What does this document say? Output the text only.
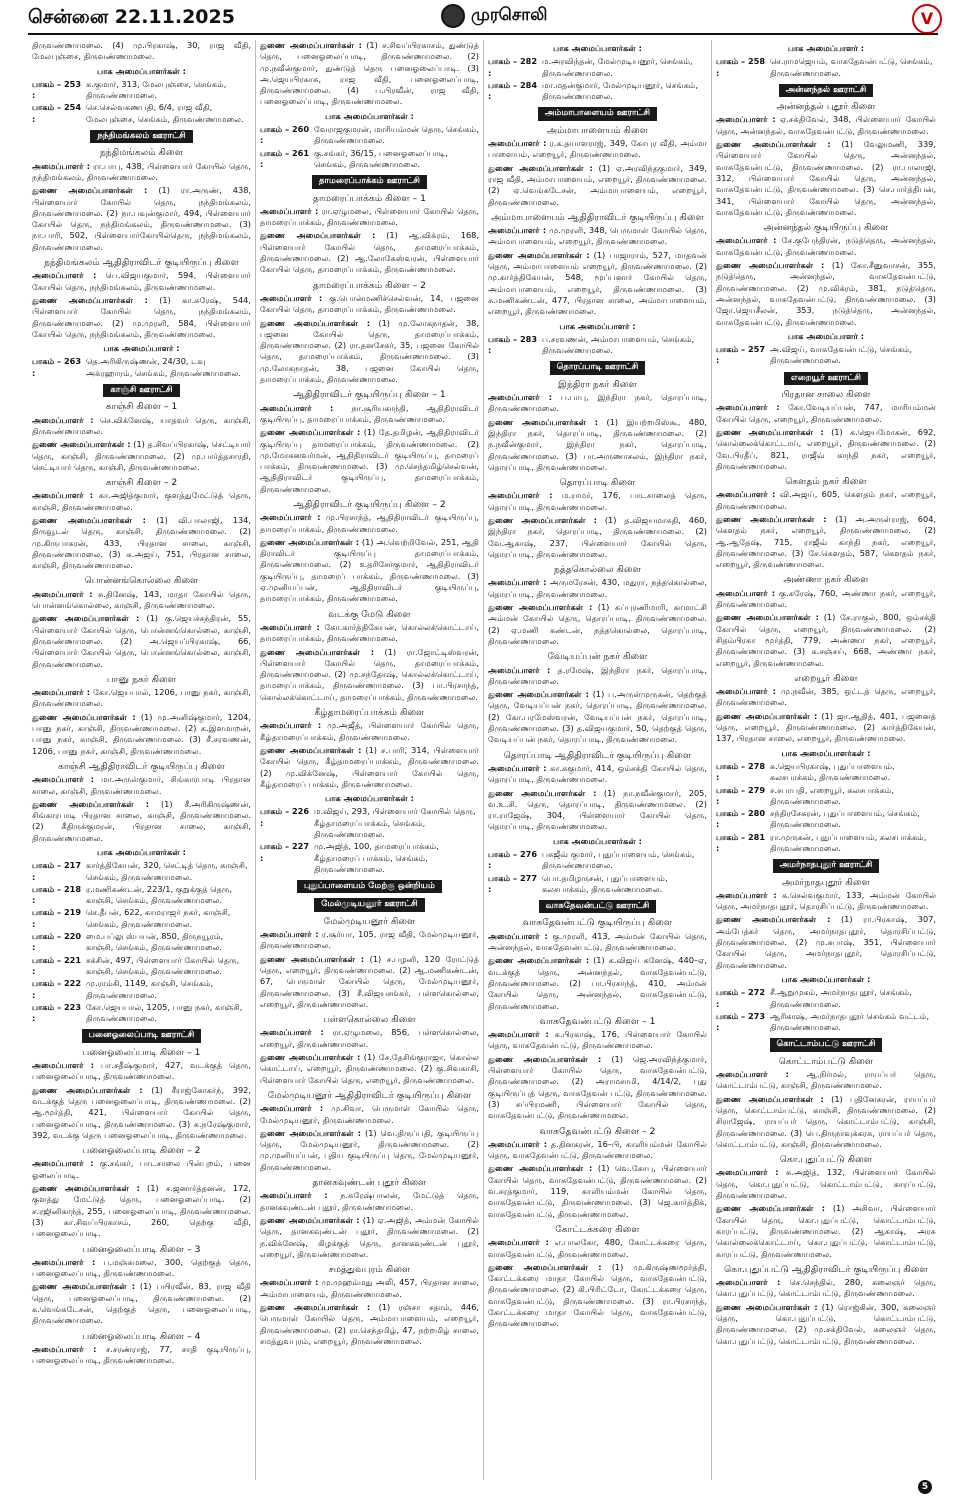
சென்னை 22.11.2025	முரசொலி	V

திருவண்ணாமலை. (4) மு.பிரகாஷ், 30, ராஜ வீதி, மேலபுஞ்சை, திருவண்ணாமலை.

பாக அமைப்பாளர்கள் :
பாகம் – 253 :
க.குமார், 313, மேலபுஞ்சை, செங்கம், திருவண்ணாமலை.
பாகம் – 254 :
செ.செல்வகணபதி, 6/4, ராஜ வீதி, மேலபுஞ்சை, செங்கம், திருவண்ணாமலை.
நந்திமங்கலம் ஊராட்சி
நந்திமங்கலம் கிளை

அமைப்பாளர் : ரா.பாபு, 438, பிள்ளையார் கோயில் தெரு, நந்திமங்கலம், திருவண்ணாமலை.

துணை அமைப்பாளர்கள் : (1) ரா.அருண், 438, பிள்ளையார் கோயில் தெரு, நந்திமங்கலம், திருவண்ணாமலை. (2) நா.பவுன்குமார், 494, பிள்ளையார் கோயில் தெரு, நந்திமங்கலம், திருவண்ணாமலை. (3) நா.பாரி, 502, பிள்ளையார்கோயில்தெரு, நந்திமங்கலம், திருவண்ணாமலை.

நந்திமங்கலம் ஆதிதிராவிடர் குடியிருப்பு கிளை

அமைப்பாளர் : பெ.விஜயகுமார், 594, பிள்ளையார் கோயில் தெரு, நந்திமங்கலம், திருவண்ணாமலை.

துணை அமைப்பாளர்கள் : (1) கா.சுரேஷ், 544, பிள்ளையார் கோயில் தெரு, நந்திமங்கலம், திருவண்ணாமலை. (2) மு.முரளி, 584, பிள்ளையார் கோயில் தெரு, நந்திமங்கலம், திருவண்ணாமலை.

பாக அமைப்பாளர் :
பாகம் – 263 :
தெ.அரிகிருஷ்ணன், 24/30, டவு அக்ரஹாரம், செங்கம், திருவண்ணாமலை.
காஞ்சி ஊராட்சி
காஞ்சி கிளை – 1

அமைப்பாளர் : செ.விக்னேஷ், யாதவர் தெரு, காஞ்சி, திருவண்ணாமலை.

துணை அமைப்பாளர்கள் : (1) த.சிவப்பிரகாஷ், செட்டியார் தெரு, காஞ்சி, திருவண்ணாமலை. (2) மு.பார்த்தசாரதி, செட்டியார் தெரு, காஞ்சி, திருவண்ணாமலை.

காஞ்சி கிளை – 2

அமைப்பாளர் : கா.அஜித்குமார், குளத்துமேட்டுத் தெரு, காஞ்சி, திருவண்ணாமலை.

துணை அமைப்பாளர்கள் : (1) வி.பாலாஜி, 134, திருவூடல் தெரு, காஞ்சி, திருவண்ணாமலை. (2) மு.கிருபாகரன், 433, பிரதான சாலை, காஞ்சி, திருவண்ணாமலை. (3) சு.அஜய், 751, பிரதான சாலை, காஞ்சி, திருவண்ணாமலை.

பொன்னங்கொல்லை கிளை

அமைப்பாளர் : சு.தினேஷ், 143, மாதா கோயில் தெரு, பொன்னங்கொல்லை, காஞ்சி, திருவண்ணாமலை.

துணை அமைப்பாளர்கள் : (1) கு.ஜெயச்சந்திரன், 55, பிள்ளையார் கோயில் தெரு, பொன்னங்கொல்லை, காஞ்சி, திருவண்ணாமலை. (2) அ.ஜெயப்பிரகாஷ், 66, பிள்ளையார் கோயில் தெரு, பொன்னங்கொல்லை, காஞ்சி, திருவண்ணாமலை.

பானு நகர் கிளை

அமைப்பாளர் : கோ.ஜெயபால், 1206, பானு நகர், காஞ்சி, திருவண்ணாமலை.

துணை அமைப்பாளர்கள் : (1) மு.அனிஷ்குமார், 1204, பானு நகர், காஞ்சி, திருவண்ணாமலை. (2) க.இளமாறன், பானு நகர், காஞ்சி, திருவண்ணாமலை. (3) சீ.சரவணன், 1206, பானு நகர், காஞ்சி, திருவண்ணாமலை.

காஞ்சி ஆதிதிராவிடர் குடியிருப்பு கிளை

அமைப்பாளர் : மா.அருள்குமார், சிங்காரபாடி பிரதான சாலை, காஞ்சி, திருவண்ணாமலை.

துணை அமைப்பாளர்கள் : (1) சீ.அரிகிருஷ்ணன், சிங்காரபாடி பிரதான சாலை, காஞ்சி, திருவண்ணாமலை. (2) கீதிருக்குமரன், பிரதான சாலை, காஞ்சி, திருவண்ணாமலை.

பாக அமைப்பாளர்கள் :
பாகம் – 217 :
கார்த்திகேயன், 320, செட்டித் தெரு, காஞ்சி, செங்கம், திருவண்ணாமலை.
பாகம் – 218 :
ர.மணிகண்டன், 223/1, குறுக்குத் தெரு, காஞ்சி, செங்கம், திருவண்ணாமலை.
பாகம் – 219 :
செ.தீபன், 622, காமராஜர் நகர், காஞ்சி, செங்கம், திருவண்ணாமலை.
பாகம் – 220 :
மை.பப்லு ஸ்பயன், 850, திருநயூரம், காஞ்சி, செங்கம், திருவண்ணாமலை.
பாகம் – 221 :
சக்சின், 497, பிள்ளையார் கோயில் தெரு, காஞ்சி, செங்கம், திருவண்ணாமலை.
பாகம் – 222 :
மு.ராம்கி, 1149, காஞ்சி, செங்கம், திருவண்ணாமலை.
பாகம் – 223 :
கோ.ஜெயபால், 1205, பானு நகர், காஞ்சி, திருவண்ணாமலை.
பனைஓலைப்பாடி ஊராட்சி
பனைஓலைப்பாடி கிளை – 1

அமைப்பாளர் : பா.சதீஷ்குமார், 427, வடக்குத் தெரு, பனைஓலைப்பாடி, திருவண்ணாமலை.

துணை அமைப்பாளர்கள் : (1) சீராஜ்கோகர்ந், 392, வடக்குத் தெரு பனைஓலைப்பாடி, திருவண்ணாமலை. (2) ஆ.மூர்த்தி, 421, பிள்ளையார் கோயில் தெரு, பனைஓலைப்பாடி, திருவண்ணாமலை. (3) சு.நரேஷ்குமார், 392, வடக்கு தெரு பனைஓலைப்பாடி, திருவண்ணாமலை.

பனைஓலைப்பாடி கிளை – 2

அமைப்பாளர் : கு.சங்கர், பாடசாலை பின்புறம், பனை ஓலைப்பாடி.

துணை அமைப்பாளர்கள் : (1) ச.ஜனார்த்தனன், 172, குளத்து மேட்டுத் தெரு, பனைஓலைப்பாடி. (2) ச.ரஜினிகாந்த், 255, பனைஓலைப்பாடி, திருவண்ணாமலை. (3) கா.சிவப்பிரகாசம், 260, தெற்கு வீதி, பனைஓலைப்பாடி.

பனைஓலைப்பாடி கிளை – 3

அமைப்பாளர் : ப.மஞ்சுமலை, 300, தெற்குத் தெரு, பனைஓலைப்பாடி, திருவண்ணாமலை.

துணை அமைப்பாளர்கள் : (1) பயிரவீன், 83, ராஜ வீதி தெரு, பனைஓலைப்பாடி, திருவண்ணாமலை. (2) க.வெங்கடேசன், தெற்குத் தெரு, பனைஓலைப்பாடி, திருவண்ணாமலை.

பனைஓலைப்பாடி கிளை – 4

அமைப்பாளர் : ச.சரண்ராஜ், 77, சாதி குடியிருப்பு, பனைஓலைப்பாடி, திருவண்ணாமலை.

துணை அமைப்பாளர்கள் : (1) ச.சிவப்பிரகாசம், துண்டுத் தெரு, பனைஓலைப்பாடி, திருவண்ணாமலை. (2) மு.நவீன்குமார், துண்டுத் தெரு பனைஓலைப்பாடி. (3) அ.ஜெயபிரகாசு, ராஜ வீதி, பனைஓலைப்பாடி, திருவண்ணாமலை. (4) ப.பிரவீன், ராஜ வீதி, பனைஓலைப்பாடி, திருவண்ணாமலை.

பாக அமைப்பாளர்கள் :
பாகம் – 260 :
வேராஜகுமரன், மாரியம்மன் தெரு, செங்கம், திருவண்ணாமலை.
பாகம் – 261 :
கு.சங்கர், 36/15, பனைஓலைப்பாடி, செங்கம், திருவண்ணாமலை.
தாமரைப்பாக்கம் ஊராட்சி
தாமரைப்பாக்கம் கிளை – 1

அமைப்பாளர் : ரா.ஏழுமலை, பிள்ளையார் கோயில் தெரு, தாமரைப்பாக்கம், திருவண்ணாமலை.

துணை அமைப்பாளர்கள் : (1) ஆ.விக்ரம், 168, பிள்ளையார் கோயில் தெரு, தாமரைப்பாக்கம், திருவண்ணாமலை. (2) ஆ.லோகேஸ்வரன், பிள்ளையார் கோயில் தெரு, தாமரைப்பாக்கம், திருவண்ணாமலை.

தாமரைப்பாக்கம் கிளை – 2

அமைப்பாளர் : கு.பொன்மணிச்செல்வன், 14, பஜனை கோயில் தெரு, தாமரைப்பாக்கம், திருவண்ணாமலை.

துணை அமைப்பாளர்கள் : (1) மு.லோகநாதன், 38, பஜனை கோயில் தெரு, தாமரைப்பாக்கம், திருவண்ணாமலை. (2) ரா.தனசேகர், 35, பஜனை கோயில் தெரு, தாமரைப்பாக்கம், திருவண்ணாமலை. (3) மு.லோகநாதன், 38, பஜனை கோயில் தெரு, தாமரைப்பாக்கம், திருவண்ணாமலை.

ஆதிதிராவிடர் குடியிருப்பு கிளை – 1

அமைப்பாளர் : நா.சூரியகாந்தி, ஆதிதிராவிடர் குடியிருப்பு, தாமரைப்பாக்கம், திருவண்ணாமலை.

துணை அமைப்பாளர்கள் : (1) தே.தமிழன், ஆதிதிராவிடர் குடியிருப்பு தாமரைப்பாக்கம், திருவண்ணாமலை. (2) மு.மோகனவர்மன், ஆதிதிராவிடர் குடியிருப்பு, தாமரைப் பாக்கம், திருவண்ணாமலை. (3) மு.செந்தமிழ்செல்வன், ஆதிதிராவிடர் குடியிருப்பு, தாமரைப்பாக்கம், திருவண்ணாமலை.

ஆதிதிராவிடர் குடியிருப்பு கிளை – 2

அமைப்பாளர் : மு.பிரசாந்த், ஆதிதிராவிடர் குடியிருப்பு, தாமரைப்பாக்கம், திருவண்ணாமலை.

துணை அமைப்பாளர்கள் : (1) அ.வெற்றிவேல், 251, ஆதி திராவிடர் குடியிருப்பு தாமரைப்பாக்கம், திருவண்ணாமலை. (2) உதரிசேர்குமார், ஆதிதிராவிடர் குடியிருப்பு, தாமரைப் பாக்கம், திருவண்ணாமலை. (3) ஏ.முனியப்பன், ஆதிதிராவிடர் குடியிருப்பு, தாமரைப்பாக்கம், திருவண்ணாமலை.

வடக்கு மேடு கிளை

அமைப்பாளர் : கோ.கார்த்திகேயன், கொல்லக்கொட்டாய், தாமரைப்பாக்கம், திருவண்ணாமலை.

துணை அமைப்பாளர்கள் : (1) ரா.ஜோட்டிஸ்வரன், பிள்ளையார் கோயில் தெரு, தாமரைப்பாக்கம், திருவண்ணாமலை. (2) மு.சந்தோஷ், கொல்லக்கொட்டாய், தாமரைப்பாக்கம், திருவண்ணாமலை. (3) பா.பிரசாந்த், கொல்லக்கொட்டாய், தாமரைப்பாக்கம், திருவண்ணாமலை.

கீழ்தாமரைப்பாக்கம் கிளை

அமைப்பாளர் : மு.அஜீத், பிள்ளையார் கோயில் தெரு, கீழ்தாமரைப்பாக்கம், திருவண்ணாமலை.

துணை அமைப்பாளர்கள் : (1) ச.பாரி, 314, பிள்ளையார் கோயில் தெரு, கீழ்தாமரைப்பாக்கம், திருவண்ணாமலை. (2) மு.விக்னேஷ், பிள்ளையார் கோயில் தெரு, கீழ்தாமரைப் பாக்கம், திருவண்ணாமலை.

பாக அமைப்பாளர்கள் :
பாகம் – 226 :
ம.விஜய், 293, பிள்ளையார் கோயில் தெரு, கீழ்தாமரைப்பாக்கம், செங்கம், திருவண்ணாமலை.
பாகம் – 227 :
மு.அஜித், 100, தாமரைப்பாக்கம், கீழ்தாமரைப் பாக்கம், செங்கம், திருவண்ணாமலை.
புதுப்பாளையம் மேற்கு ஒன்றியம்
மேல்முடியனூர் ஊராட்சி
மேல்முடியனூர் கிளை

அமைப்பாளர் : ர.சூர்யா, 105, ராஜ வீதி, மேல்முடியனூர், திருவண்ணாமலை.

துணை அமைப்பாளர்கள் : (1) ச.பழனி, 120 ரோட்டுத் தெரு, எறையூர், திருவண்ணாமலை. (2) ஆ.மணிகண்டன், 67, பெருமாள் கோயில் தெரு, மேல்முடியனூர், திருவண்ணாமலை. (3) சீ.விஜயசங்கர், பள்ளகொல்லை, எறையூர், திருவண்ணாமலை.

பள்ளகொல்லை கிளை

அமைப்பாளர் : ரா.ஏழுமலை, 856, பள்ளகொல்லை, எறையூர், திருவண்ணாமலை.

துணை அமைப்பாளர்கள் : (1) சே.தேசிங்குராஜா, கொல்ல கொட்டாய், எறையூர், திருவண்ணாமலை. (2) கு.சிவகாசி, பிள்ளையார் கோயில் தெரு, எறையூர், திருவண்ணாமலை.

மேல்முடியனூர் ஆதிதிராவிடர் குடியிருப்பு கிளை

அமைப்பாளர் : மு.சிவா, பெருமாள் கோயில் தெரு, மேல்முடியனூர், திருவண்ணாமலை.

துணை அமைப்பாளர்கள் : (1) வெ.திருப்பதி, குடியிருப்பு தெரு, மேல்முடியனூர், திருவண்ணாமலை. (2) மு.முனியப்பன், புதிய குடியிருப்பு தெரு, மேல்முடியனூர், திருவண்ணாமலை.

தானகவுண்டன் புதூர் கிளை

அமைப்பாளர் : ந.சுரேஷ்பாலன், மேட்டுத் தெரு, தானகவுண்டன் புதூர், திருவண்ணாமலை.

துணை அமைப்பாளர்கள் : (1) ஏ.அஜித், அம்மன் கோயில் தெரு, தானகவுண்டன் புதூர், திருவண்ணாமலை. (2) ந.விக்னேஷ், கிழக்குத் தெரு, தானகவுண்டன் புதூர், எறையூர், திருவண்ணாமலை.

சமத்துவபுரம் கிளை

அமைப்பாளர் : மு.முஹம்மது அலி, 457, பிரதான சாலை, அம்மாபாளையம், திருவண்ணாமலை.

துணை அமைப்பாளர்கள் : (1) ரஞ்சா சதாம், 446, பெருமாள் கோயில் தெரு, அம்மாபாளையம், எறையூர், திருவண்ணாமலை. (2) ரா.செந்தமிழ், 47, நற்றமிழ் சாலை, சமத்துவபுரம், எறையூர், திருவண்ணாமலை.

பாக அமைப்பாளர்கள் :
பாகம் – 282 :
ம.அரவிந்தன், மேல்முடியனூர், செங்கம், திருவண்ணாமலை.
பாகம் – 284 :
மா.மதன்குமார், மேல்முடியனூர், செங்கம், திருவண்ணாமலை.
அம்மாபாளையம் ஊராட்சி
அம்மாபாளையம் கிளை

அமைப்பாளர் : ர.க.தயாளராஜ், 349, கோபுர வீதி, அம்மா பாளையம், எறையூர், திருவண்ணாமலை.

துணை அமைப்பாளர்கள் : (1) ஏ.அரவிந்தகுமார், 349, ராஜ வீதி, அம்மாபாளையம், எறையூர், திருவண்ணாமலை. (2) ஏ.வெங்கடேசன், அம்மாபாளையம், எறையூர், திருவண்ணாமலை.

அம்மாபாளையம் ஆதிதிராவிடர் குடியிருப்பு கிளை

அமைப்பாளர் : மு.முரளி, 348, பெருமாள் கோயில் தெரு, அம்மாபாளையம், எறையூர், திருவண்ணாமலை.

துணை அமைப்பாளர்கள் : (1) பாஜாராம், 527, மாதவன் தெரு, அம்மாபாளையம் எறையூர், திருவண்ணாமலை. (2) மு.கார்த்திகேயன், 548, மூப்பனார் கோயில் தெரு, அம்மாபாளையம், எறையூர், திருவண்ணாமலை. (3) சு.மணிகண்டன், 477, பிரதான சாலை, அம்மாபாளையம், எறையூர், திருவண்ணாமலை.

பாக அமைப்பாளர் :
பாகம் – 283 :
ப.சரவணன், அம்மாபாளையம், செங்கம், திருவண்ணாமலை.
தொரப்பாடி ஊராட்சி
இந்திரா நகர் கிளை

அமைப்பாளர் : ப.பாபு, இந்திரா நகர், தொரப்பாடி, திருவண்ணாமலை.

துணை அமைப்பாளர்கள் : (1) இயற்றமிஸ்கூ, 480, இந்திரா நகர், தொரப்பாடி, திருவண்ணாமலை. (2) ந.நவீன்குமார், இந்திரா நகர், தொரப்பாடி, திருவண்ணாமலை. (3) பா.அருணாசலம், இந்திரா நகர், தொரப்பாடி, திருவண்ணாமலை.

தொரப்பாடி கிளை

அமைப்பாளர் : ம.ராமர், 176, பாடசாலைத் தெரு, தொரப்பாடி, திருவண்ணாமலை.

துணை அமைப்பாளர்கள் : (1) த.விஜயமாசுதி, 460, இந்திரா நகர், தொரப்பாடி, திருவண்ணாமலை. (2) வே.ஆகாஷ், 237, பிள்ளையார் கோயில் தெரு, தொரப்பாடி, திருவண்ணாமலை.

நத்தகொல்லை கிளை

அமைப்பாளர் : அருமரேசன், 430, மதுரா, நத்தகொல்லை, தொரப்பாடி, திருவண்ணாமலை.

துணை அமைப்பாளர்கள் : (1) சுப்புரணிமாரி, காமாட்சி அம்மன் கோயில் தெரு, தொரப்பாடி, திருவண்ணாமலை. (2) ஏ.மணி கண்டன், நத்தகொல்லை, தொரப்பாடி, திருவண்ணாமலை.

வேடியப்பன் நகர் கிளை

அமைப்பாளர் : த.ரமேஷ், இந்திரா நகர், தொரப்பாடி, திருவண்ணாமலை.

துணை அமைப்பாளர்கள் : (1) ப.அருள்முருகன், தெற்குத் தெரு, வேடியப்பன் நகர், தொரப்பாடி, திருவண்ணாமலை. (2) கோ.பரமேஸ்வரன், வேடியப்பன் நகர், தொரப்பாடி, திருவண்ணாமலை. (3) த.விஜயகுமார், 50, தெற்குத் தெரு, வேடியப்பன் நகர், தொரப்பாடி, திருவண்ணாமலை.

தொரப்பாடி ஆதிதிராவிடர் குடியிருப்பு கிளை

அமைப்பாளர் : கா.சுகுமார், 414, ஒம்சக்தி கோயில் தெரு, தொரப்பாடி, திருவண்ணாமலை.

துணை அமைப்பாளர்கள் : (1) நா.நவீன்குமார், 205, வ.உ.சி. தெரு, தொரப்பாடி, திருவண்ணாமலை. (2) ரா.ராஜேஷ், 304, பிள்ளையார் கோயில் தெரு, தொரப்பாடி, திருவண்ணாமலை.

பாக அமைப்பாளர்கள் :
பாகம் – 276 :
பசுஜீவ் குமார், புதுப்பாளையம், செங்கம், திருவண்ணாமலை.
பாகம் – 277 :
பொ.தமிழருசன், புதுப்பாளையம், கலசபாக்கம், திருவண்ணாமலை.
வாசுதேவன்பட்டு ஊராட்சி
வாசுதேவன்பட்டு குடியிருப்பு கிளை

அமைப்பாளர் : கு.முரளி, 413, அம்மன் கோயில் தெரு, அன்னந்தல், வாசுதேவன்பட்டு, திருவண்ணாமலை.

துணை அமைப்பாளர்கள் : (1) க.விஜய் கனேஷ், 440–ஏ, வடக்குத் தெரு, அன்னந்தல், வாசுதேவன்பட்டு, திருவண்ணாமலை. (2) பா.பிரசாந்த், 410, அம்மன் கோயில் தெரு, அன்னந்தல், வாசுதேவன்பட்டு, திருவண்ணாமலை.

வாசுதேவன்பட்டு கிளை – 1

அமைப்பாளர் : க.பிரகாஷ், 176, பிள்ளையார் கோயில் தெரு, வாசுதேவன்பட்டு, திருவண்ணாமலை.

துணை அமைப்பாளர்கள் : (1) ஜெ.அரவிந்த்குமார், பிள்ளையார் கோயில் தெரு, வாசுதேவன்பட்டு, திருவண்ணாமலை. (2) அராமசாமி, 4/14/2, புது குடியிருப்புத் தெரு, வாசுதேவன் பட்டு, திருவண்ணாமலை. (3) சப்பிரமணி, பிள்ளையார் கோயில் தெரு, வாசுதேவன்பட்டு, திருவண்ணாமலை.

வாசுதேவன்பட்டு கிளை – 2

அமைப்பாளர் : த.தினகரன், 16–பி, காளியம்மன் கோயில் தெரு, வாசுதேவன்பட்டு, திருவண்ணாமலை.

துணை அமைப்பாளர்கள் : (1) வெ.கோபு, பிள்ளையார் கோயில் தெரு, வாசுதேவன்பட்டு, திருவண்ணாமலை. (2) வ.சரத்குமார், 119, காளியம்மன் கோயில் தெரு, வாசுதேவன்பட்டு, திருவண்ணாமலை. (3) ஜெ.கார்த்திக், வாசுதேவன்பட்டு, திருவண்ணாமலை.

கோட்டக்கரை கிளை

அமைப்பாளர் : எ.பாலகோ, 480, கோட்டக்கரை தெரு, வாசுதேவன்பட்டு, திருவண்ணாமலை.

துணை அமைப்பாளர்கள் : (1) மு.கிருஷ்ணமூர்த்தி, கோட்டக்கரை மாதா கோயில் தெரு, வாசுதேவன்பட்டு, திருவண்ணாமலை. (2) கி.பிரிட்டோ, கோட்டக்கரை தெரு, வாசுதேவன்பட்டு, திருவண்ணாமலை. (3) ரா.பிரசாந்த், கோட்டக்கரை மாதா கோயில் தெரு, வாசுதேவன்பட்டு, திருவண்ணாமலை.

பாக அமைப்பாளர் :
பாகம் – 258 :
செ.ராமஜெயம், வாசுதேவன்பட்டு, செங்கம், திருவண்ணாமலை.
அன்னந்தல் ஊராட்சி
அன்னந்தல் புதூர் கிளை

அமைப்பாளர் : ஏ.சக்திவேல், 348, பிள்ளையார் கோயில் தெரு, அன்னந்தல், வாசுதேவன்பட்டு, திருவண்ணாமலை.

துணை அமைப்பாளர்கள் : (1) வேலுமணி, 339, பிள்ளையார் கோயில் தெரு, அன்னந்தல், வாசுதேவன்பட்டு, திருவண்ணாமலை. (2) ரா.பாலாஜி, 312, பிள்ளையார் கோயில் தெரு, அன்னந்தல், வாசுதேவன்பட்டு, திருவண்ணாமலை. (3) செ.பார்த்திபன், 341, பிள்ளையார் கோயில் தெரு, அன்னந்தல், வாசுதேவன்பட்டு, திருவண்ணாமலை.

அன்னந்தல் குடியிருப்பு கிளை

அமைப்பாளர் : சே.குபேந்திரன், நடுத்தெரு, அன்னந்தல், வாசுதேவன்பட்டு, திருவண்ணாமலை.

துணை அமைப்பாளர்கள் : (1) கோ.சீனுவாசன், 355, நடுத்தெரு, அன்னந்தல், வாசுதேவன்பட்டு, திருவண்ணாமலை. (2) மு.விக்ரம், 381, நடுத்தெரு, அன்னந்தல், வாசுதேவன்பட்டு, திருவண்ணாமலை. (3) ஜோ.ஜெயசீலன், 353, நடுத்தெரு, அன்னந்தல், வாசுதேவன்பட்டு, திருவண்ணாமலை.

பாக அமைப்பாளர் :
பாகம் – 257 :
அ.விஜய், வாசுதேவன்பட்டு, செங்கம், திருவண்ணாமலை.
எறையூர் ஊராட்சி
பிரதான சாலை கிளை

அமைப்பாளர் : கோ.வேடியப்பன், 747, மாரியம்மன் கோயில் தெரு, எறையூர், திருவண்ணாமலை.

துணை அமைப்பாளர்கள் : (1) க.ஜெயமோகன், 692, கொல்லைக்கொட்டாய், எறையூர், திருவண்ணாமலை. (2) வே.பிரதீப், 821, ராஜீவ் காந்தி நகர், எறையூர், திருவண்ணாமலை.

கெளதம் நகர் கிளை

அமைப்பாளர் : வி.அஜய், 605, கெளதம் நகர், எறையூர், திருவண்ணாமலை.

துணை அமைப்பாளர்கள் : (1) அ.அருள்ராஜ், 604, கெளதம் நகர், எறையூர், திருவண்ணாமலை. (2) ஆ.ஆதேஷ், 715, ராஜீவ் காந்தி நகர், எறையூர், திருவண்ணாமலை. (3) சே.கெளதம், 587, கெளதம் நகர், எறையூர், திருவண்ணாமலை.

அண்ணா நகர் கிளை

அமைப்பாளர் : கு.சுரேஷ், 760, அண்ணா நகர், எறையூர், திருவண்ணாமலை.

துணை அமைப்பாளர்கள் : (1) சே.ராகுல், 800, ஒம்சக்தி கோயில் தெரு, எறையூர், திருவண்ணாமலை. (2) சிதம்பிரகா மூர்த்தி, 779, அண்ணா நகர், எறையூர், திருவண்ணாமலை. (3) க.சஞ்சய், 668, அண்ணா நகர், எறையூர், திருவண்ணாமலை.

எறையூர் கிளை

அமைப்பாளர் : மு.நவீன், 385, ஒட்டத் தெரு, எறையூர், திருவண்ணாமலை.

துணை அமைப்பாளர்கள் : (1) ஜா.ஆதித், 401, பஜனைத் தெரு, எறையூர், திருவண்ணாமலை. (2) கார்த்திகேயன், 137, பிரதான சாலை, எறையூர், திருவண்ணாமலை.

பாக அமைப்பாளர்கள் :
பாகம் – 278 :
க.ஜெயபிரகாஷ், புதுப்பாளையம், கலசபாக்கம், திருவண்ணாமலை.
பாகம் – 279 :
ச.சபாபதி, எறையூர், கலசபாக்கம், திருவண்ணாமலை.
பாகம் – 280 :
சந்திரசேகரன், புதுப்பாளையம், செங்கம், திருவண்ணாமலை.
பாகம் – 281 :
ரா.முருகன், புதுப்பாளையம், கலசபாக்கம், திருவண்ணாமலை.
அமர்நாதபுதூர் ஊராட்சி
அமர்நாதபுதூர் கிளை

அமைப்பாளர் : க.செல்வகுமார், 133, அம்மன் கோயில் தெரு, அமர்நாதபுதூர், தொரசிப்பட்டு, திருவண்ணாமலை.

துணை அமைப்பாளர்கள் : (1) ரா.பிரகாஷ், 307, அம்பேத்கர் தெரு, அமர்நாதபுதூர், தொரசிப்பட்டு, திருவண்ணாமலை. (2) மு.சுபாஷ், 351, பிள்ளையார் கோயில் தெரு, அமர்நாதபுதூர், தொரசிப்பட்டு, திருவண்ணாமலை.

பாக அமைப்பாளர்கள் :
பாகம் – 272 :
சீ.ஆறுமுகம், அமர்நாதபுதூர், செங்கம், திருவண்ணாமலை.
பாகம் – 273 :
ஆரிகாஷ், அமர்நாதபுதூர் செங்கம் வட்டம், திருவண்ணாமலை.
கொட்டாம்பட்டு ஊராட்சி
கொட்டாம்பட்டு கிளை

அமைப்பாளர் : ஆ.நிர்மல், ராயப்பர் தெரு, கொட்டாம்பட்டு, காஞ்சி, திருவண்ணாமலை.

துணை அமைப்பாளர்கள் : (1) புதினேசுரன், ராயப்பர் தெரு, கொட்டாம்பட்டு, காஞ்சி, திருவண்ணாமலை. (2) சிராஜேஷ், ராயப்பர் தெரு, கொட்டாம்பட்டு, காஞ்சி, திருவண்ணாமலை. (3) பெ.திருநாவுக்கரசு, ராயப்பர் தெரு, கொட்டாம்பட்டு, காஞ்சி, திருவண்ணாமலை.

கொ.புதுப்பட்டு கிளை

அமைப்பாளர் : சு.அஜித், 132, பிள்ளையார் கோயில் தெரு, கொ.புதுப்பட்டு, கொட்டாம்பட்டு, காரப்பட்டு, திருவண்ணாமலை.

துணை அமைப்பாளர்கள் : (1) அசிவா, பிள்ளையார் கோயில் தெரு, கொ.புதுப்பட்டு, கொட்டாம்பட்டு, காரப்பட்டு, திருவண்ணாமலை. (2) ஆகாஷ், அரசு கொல்லைக்கொட்டாய், கொ.புதுப்பட்டு, கொட்டாம்பட்டு, காரப்பட்டு, திருவண்ணாமலை.

கொ.புதுப்பட்டு ஆதிதிராவிடர் குடியிருப்பு கிளை

அமைப்பாளர் : செ.செந்தில், 280, கலைஞர் தெரு, கொ.புதுப்பட்டு, கொட்டாம்பட்டு, திருவண்ணாமலை.

துணை அமைப்பாளர்கள் : (1) ரொஜ்கின், 300, கலைஞர் தெரு, கொ.புதுப்பட்டு, கொட்டாம்பட்டு, திருவண்ணாமலை. (2) மு.சக்திவேல், கலைஞர் தெரு, கொ.புதுப்பட்டு, கொட்டாம்பட்டு, திருவண்ணாமலை.

5
